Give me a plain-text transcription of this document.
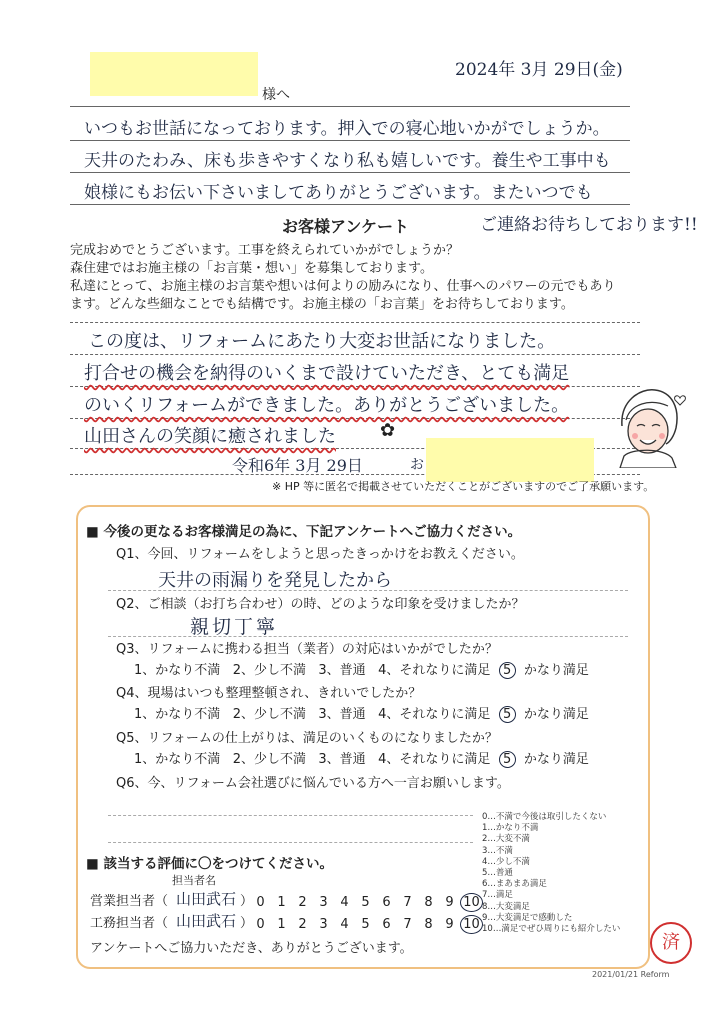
2024年 3月 29日(金)
様へ
いつもお世話になっております。押入での寝心地いかがでしょうか。
天井のたわみ、床も歩きやすくなり私も嬉しいです。養生や工事中も
娘様にもお伝い下さいましてありがとうございます。またいつでも
ご連絡お待ちしております!!
お客様アンケート
完成おめでとうございます。工事を終えられていかがでしょうか？
森住建ではお施主様の「お言葉・想い」を募集しております。
私達にとって、お施主様のお言葉や想いは何よりの励みになり、仕事へのパワーの元でもあり
ます。どんな些細なことでも結構です。お施主様の「お言葉」をお待ちしております。
この度は、リフォームにあたり大変お世話になりました。
打合せの機会を納得のいくまで設けていただき、とても満足
のいくリフォームができました。ありがとうございました。
山田さんの笑顔に癒されました ✿
令和6年 3月 29日	お
※ HP 等に匿名で掲載させていただくことがございますのでご了承願います。
■ 今後の更なるお客様満足の為に、下記アンケートへご協力ください。
Q1、今回、リフォームをしようと思ったきっかけをお教えください。
天井の雨漏りを発見したから
Q2、ご相談（お打ち合わせ）の時、どのような印象を受けましたか？
親切丁寧
Q3、リフォームに携わる担当（業者）の対応はいかがでしたか？
1、かなり不満 2、少し不満 3、普通 4、それなりに満足 5 かなり満足
Q4、現場はいつも整理整頓され、きれいでしたか？
1、かなり不満 2、少し不満 3、普通 4、それなりに満足 5 かなり満足
Q5、リフォームの仕上がりは、満足のいくものになりましたか？
1、かなり不満 2、少し不満 3、普通 4、それなりに満足 5 かなり満足
Q6、今、リフォーム会社選びに悩んでいる方へ一言お願いします。
■ 該当する評価に〇をつけてください。
担当者名
営業担当者（ 山田武石 ） 0 1 2 3 4 5 6 7 8 9 10
工務担当者（ 山田武石 ） 0 1 2 3 4 5 6 7 8 9 10
アンケートへご協力いただき、ありがとうございます。
0…不満で今後は取引したくない
1…かなり不満
2…大変不満
3…不満
4…少し不満
5…普通
6…まあまあ満足
7…満足
8…大変満足
9…大変満足で感動した
10…満足でぜひ周りにも紹介したい
済
2021/01/21 Reform
